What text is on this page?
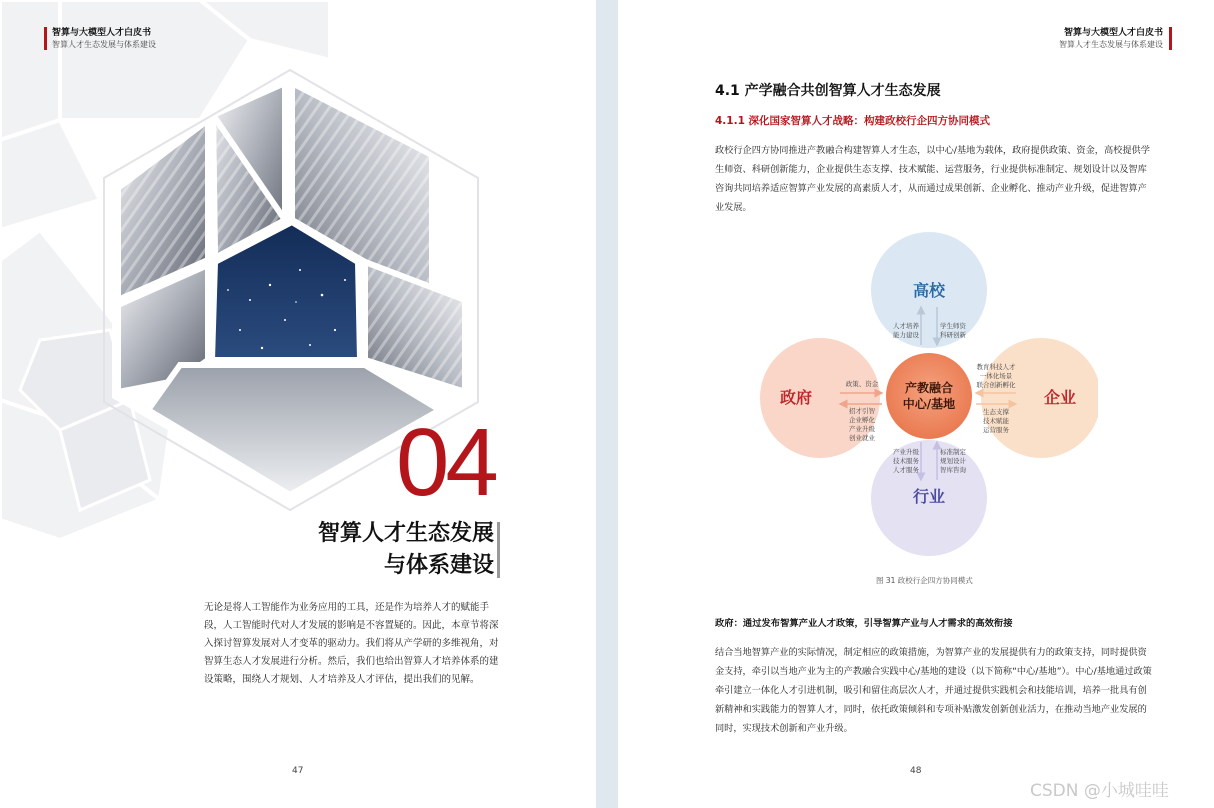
智算与大模型人才白皮书
智算人才生态发展与体系建设
04
智算人才生态发展
与体系建设
无论是将人工智能作为业务应用的工具，还是作为培养人才的赋能手段，人工智能时代对人才发展的影响是不容置疑的。因此，本章节将深入探讨智算发展对人才变革的驱动力。我们将从产学研的多维视角，对智算生态人才发展进行分析。然后，我们也给出智算人才培养体系的建设策略，围绕人才规划、人才培养及人才评估，提出我们的见解。
47
智算与大模型人才白皮书
智算人才生态发展与体系建设
4.1 产学融合共创智算人才生态发展
4.1.1 深化国家智算人才战略：构建政校行企四方协同模式
政校行企四方协同推进产教融合构建智算人才生态，以中心/基地为载体，政府提供政策、资金，高校提供学生师资、科研创新能力，企业提供生态支撑、技术赋能、运营服务，行业提供标准制定、规划设计以及智库咨询共同培养适应智算产业发展的高素质人才，从而通过成果创新、企业孵化、推动产业升级，促进智算产业发展。
高校
政府	企业
行业
产教融合
中心/基地
人才培养
能力建设
学生师资
科研创新
政策、资金
招才引智
企业孵化
产业升级
创业就业
教育科技人才
一体化场景
联合创新孵化
生态支撑
技术赋能
运营服务
产业升级
技术服务
人才服务
标准制定
规划设计
智库咨询
图 31 政校行企四方协同模式
政府：通过发布智算产业人才政策，引导智算产业与人才需求的高效衔接
结合当地智算产业的实际情况，制定相应的政策措施，为智算产业的发展提供有力的政策支持，同时提供资金支持，牵引以当地产业为主的产教融合实践中心/基地的建设（以下简称“中心/基地”）。中心/基地通过政策牵引建立一体化人才引进机制，吸引和留住高层次人才，并通过提供实践机会和技能培训，培养一批具有创新精神和实践能力的智算人才，同时，依托政策倾斜和专项补贴激发创新创业活力，在推动当地产业发展的同时，实现技术创新和产业升级。
48
CSDN @小城哇哇
